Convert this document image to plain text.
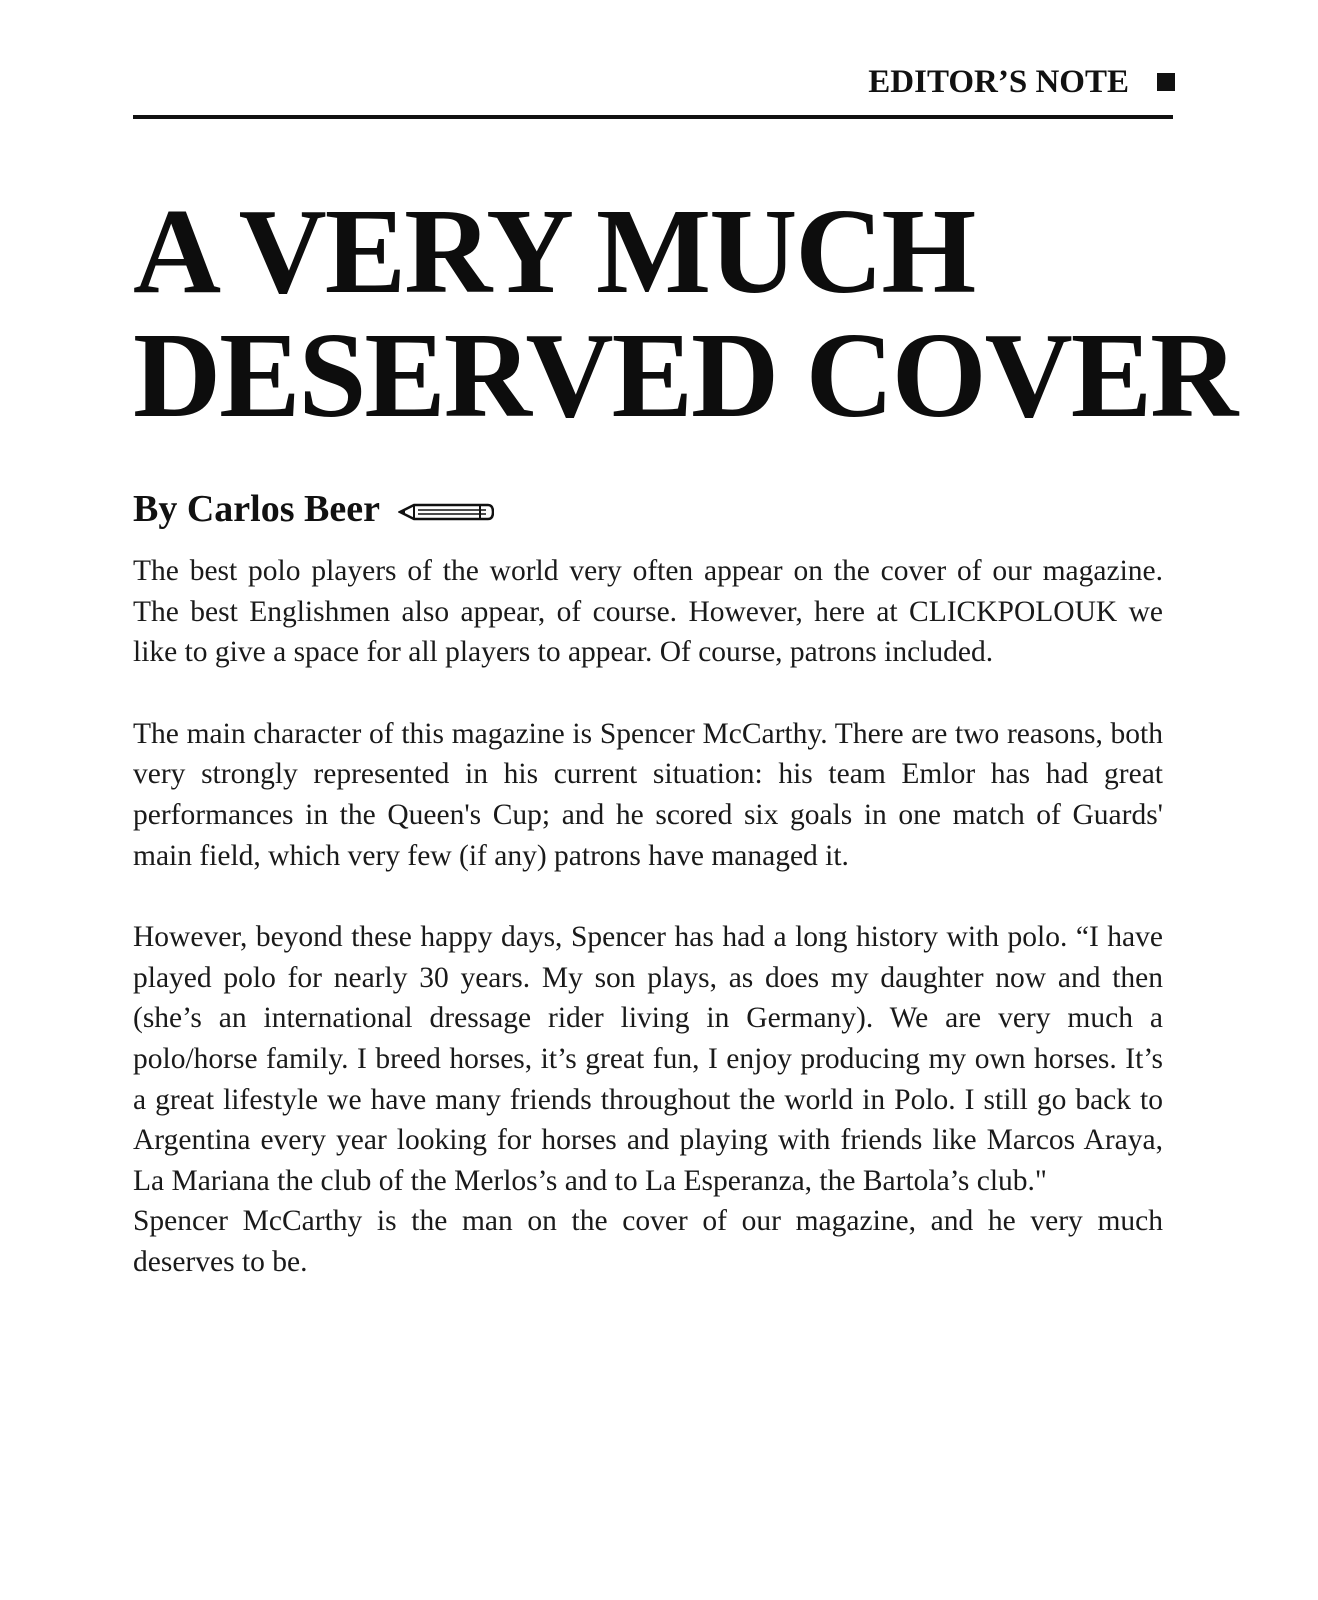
EDITOR’S NOTE
A VERY MUCH
DESERVED COVER
By Carlos Beer

The best polo players of the world very often appear on the cover of our magazine. The best Englishmen also appear, of course. However, here at CLICKPOLOUK we like to give a space for all players to appear. Of course, patrons included.

The main character of this magazine is Spencer McCarthy. There are two reasons, both very strongly represented in his current situation: his team Emlor has had great performances in the Queen's Cup; and he scored six goals in one match of Guards' main field, which very few (if any) patrons have managed it.

However, beyond these happy days, Spencer has had a long history with polo. “I have played polo for nearly 30 years. My son plays, as does my daughter now and then (she’s an international dressage rider living in Germany). We are very much a polo/horse family. I breed horses, it’s great fun, I enjoy producing my own horses. It’s a great lifestyle we have many friends throughout the world in Polo. I still go back to Argentina every year looking for horses and playing with friends like Marcos Araya, La Mariana the club of the Merlos’s and to La Esperanza, the Bartola’s club."

Spencer McCarthy is the man on the cover of our magazine, and he very much deserves to be.
